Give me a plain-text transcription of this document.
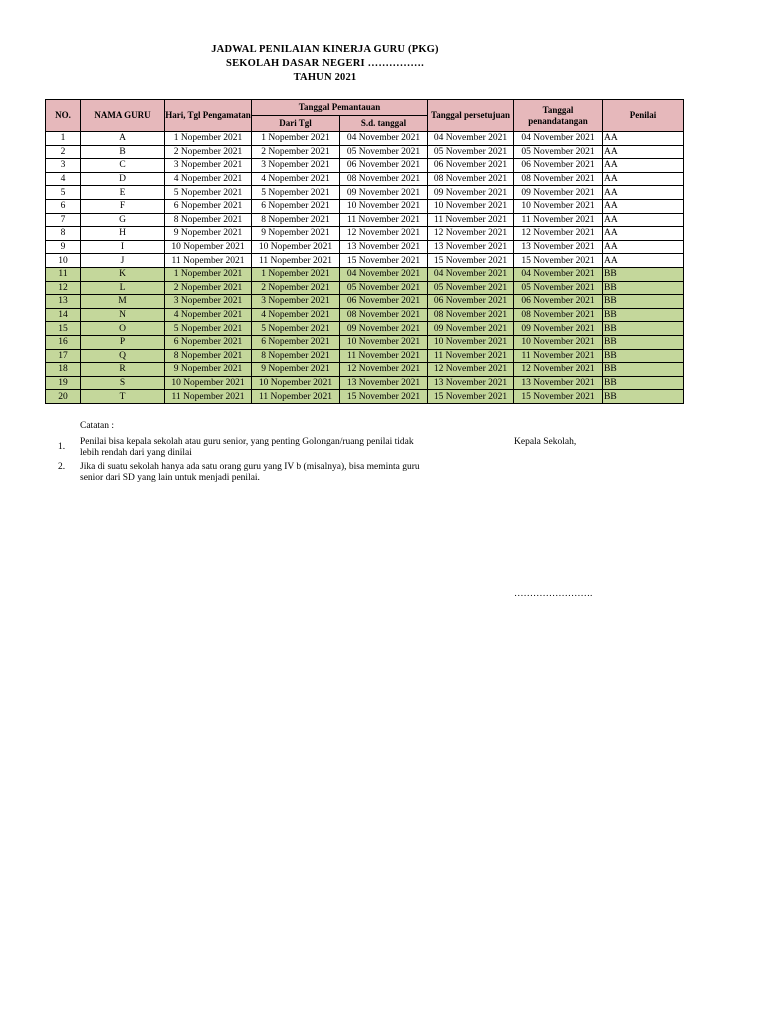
JADWAL PENILAIAN KINERJA GURU (PKG)
SEKOLAH DASAR NEGERI …………….
TAHUN 2021
NO.	NAMA GURU	Hari, Tgl Pengamatan	Tanggal Pemantauan		Tanggal persetujuan	Tanggal penandatangan	Penilai
			Dari Tgl	S.d. tanggal			
1	A	1 Nopember 2021	1 Nopember 2021	04 November 2021	04 November 2021	04 November 2021	AA
2	B	2 Nopember 2021	2 Nopember 2021	05 November 2021	05 November 2021	05 November 2021	AA
3	C	3 Nopember 2021	3 Nopember 2021	06 November 2021	06 November 2021	06 November 2021	AA
4	D	4 Nopember 2021	4 Nopember 2021	08 November 2021	08 November 2021	08 November 2021	AA
5	E	5 Nopember 2021	5 Nopember 2021	09 November 2021	09 November 2021	09 November 2021	AA
6	F	6 Nopember 2021	6 Nopember 2021	10 November 2021	10 November 2021	10 November 2021	AA
7	G	8 Nopember 2021	8 Nopember 2021	11 November 2021	11 November 2021	11 November 2021	AA
8	H	9 Nopember 2021	9 Nopember 2021	12 November 2021	12 November 2021	12 November 2021	AA
9	I	10 Nopember 2021	10 Nopember 2021	13 November 2021	13 November 2021	13 November 2021	AA
10	J	11 Nopember 2021	11 Nopember 2021	15 November 2021	15 November 2021	15 November 2021	AA
11	K	1 Nopember 2021	1 Nopember 2021	04 November 2021	04 November 2021	04 November 2021	BB
12	L	2 Nopember 2021	2 Nopember 2021	05 November 2021	05 November 2021	05 November 2021	BB
13	M	3 Nopember 2021	3 Nopember 2021	06 November 2021	06 November 2021	06 November 2021	BB
14	N	4 Nopember 2021	4 Nopember 2021	08 November 2021	08 November 2021	08 November 2021	BB
15	O	5 Nopember 2021	5 Nopember 2021	09 November 2021	09 November 2021	09 November 2021	BB
16	P	6 Nopember 2021	6 Nopember 2021	10 November 2021	10 November 2021	10 November 2021	BB
17	Q	8 Nopember 2021	8 Nopember 2021	11 November 2021	11 November 2021	11 November 2021	BB
18	R	9 Nopember 2021	9 Nopember 2021	12 November 2021	12 November 2021	12 November 2021	BB
19	S	10 Nopember 2021	10 Nopember 2021	13 November 2021	13 November 2021	13 November 2021	BB
20	T	11 Nopember 2021	11 Nopember 2021	15 November 2021	15 November 2021	15 November 2021	BB
Catatan :
1. Penilai bisa kepala sekolah atau guru senior, yang penting Golongan/ruang penilai tidak lebih rendah dari yang dinilai
2. Jika di suatu sekolah hanya ada satu orang guru yang IV b (misalnya), bisa meminta guru senior dari SD yang lain untuk menjadi penilai.
Kepala Sekolah,
…………………….
